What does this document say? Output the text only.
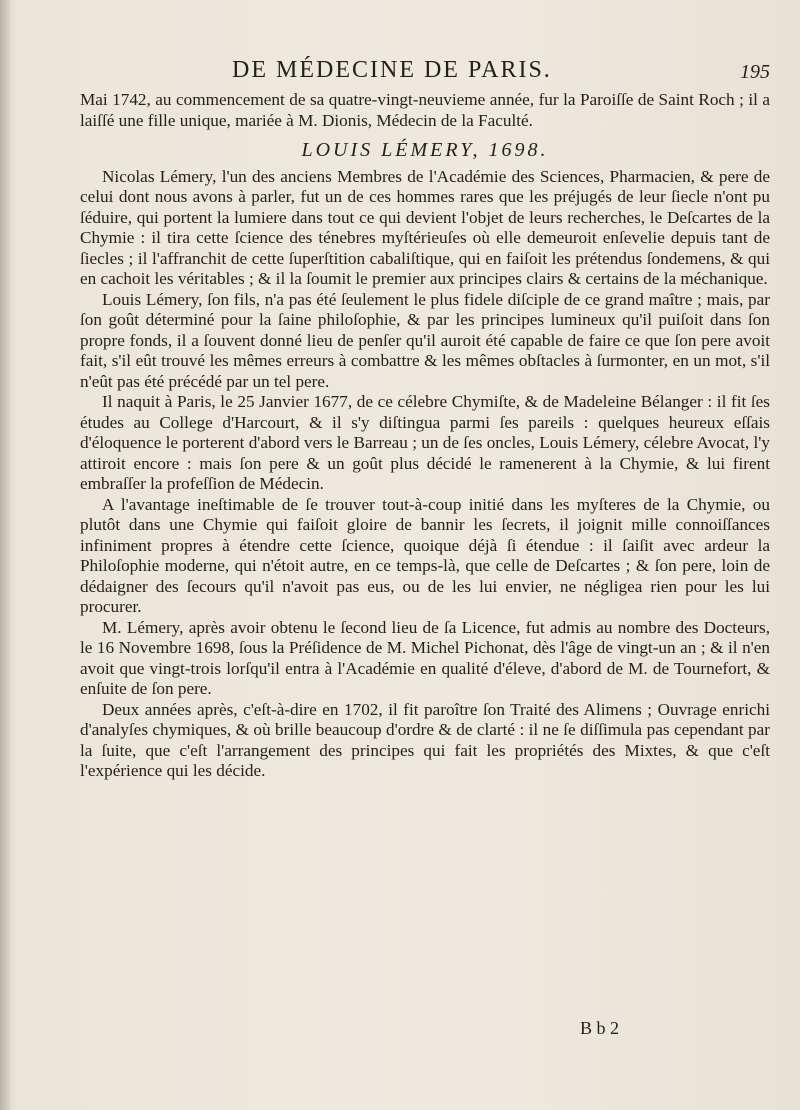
DE MÉDECINE DE PARIS.	195

Mai 1742, au commencement de sa quatre-vingt-neuvieme année, fur la Paroiſſe de Saint Roch ; il a laiſſé une fille unique, mariée à M. Dionis, Médecin de la Faculté.

LOUIS LÉMERY, 1698.

Nicolas Lémery, l'un des anciens Membres de l'Académie des Sciences, Pharmacien, & pere de celui dont nous avons à parler, fut un de ces hommes rares que les préjugés de leur ſiecle n'ont pu ſéduire, qui portent la lumiere dans tout ce qui devient l'objet de leurs recherches, le Deſcartes de la Chymie : il tira cette ſcience des ténebres myſtérieuſes où elle demeuroit enſevelie depuis tant de ſiecles ; il l'affranchit de cette ſuperſtition cabaliſtique, qui en faiſoit les prétendus ſondemens, & qui en cachoit les véritables ; & il la ſoumit le premier aux principes clairs & certains de la méchanique.

Louis Lémery, ſon fils, n'a pas été ſeulement le plus fidele diſciple de ce grand maître ; mais, par ſon goût déterminé pour la ſaine philoſophie, & par les principes lumineux qu'il puiſoit dans ſon propre fonds, il a ſouvent donné lieu de penſer qu'il auroit été capable de faire ce que ſon pere avoit fait, s'il eût trouvé les mêmes erreurs à combattre & les mêmes obſtacles à ſurmonter, en un mot, s'il n'eût pas été précédé par un tel pere.

Il naquit à Paris, le 25 Janvier 1677, de ce célebre Chymiſte, & de Madeleine Bélanger : il fit ſes études au College d'Harcourt, & il s'y diſtingua parmi ſes pareils : quelques heureux eſſais d'éloquence le porterent d'abord vers le Barreau ; un de ſes oncles, Louis Lémery, célebre Avocat, l'y attiroit encore : mais ſon pere & un goût plus décidé le ramenerent à la Chymie, & lui firent embraſſer la profeſſion de Médecin.

A l'avantage ineſtimable de ſe trouver tout-à-coup initié dans les myſteres de la Chymie, ou plutôt dans une Chymie qui faiſoit gloire de bannir les ſecrets, il joignit mille connoiſſances infiniment propres à étendre cette ſcience, quoique déjà ſi étendue : il ſaiſit avec ardeur la Philoſophie moderne, qui n'étoit autre, en ce temps-là, que celle de Deſcartes ; & ſon pere, loin de dédaigner des ſecours qu'il n'avoit pas eus, ou de les lui envier, ne négligea rien pour les lui procurer.

M. Lémery, après avoir obtenu le ſecond lieu de ſa Licence, fut admis au nombre des Docteurs, le 16 Novembre 1698, ſous la Préſidence de M. Michel Pichonat, dès l'âge de vingt-un an ; & il n'en avoit que vingt-trois lorſqu'il entra à l'Académie en qualité d'éleve, d'abord de M. de Tournefort, & enſuite de ſon pere.

Deux années après, c'eſt-à-dire en 1702, il fit paroître ſon Traité des Alimens ; Ouvrage enrichi d'analyſes chymiques, & où brille beaucoup d'ordre & de clarté : il ne ſe diſſimula pas cependant par la ſuite, que c'eſt l'arrangement des principes qui fait les propriétés des Mixtes, & que c'eſt l'expérience qui les décide.

B b 2
